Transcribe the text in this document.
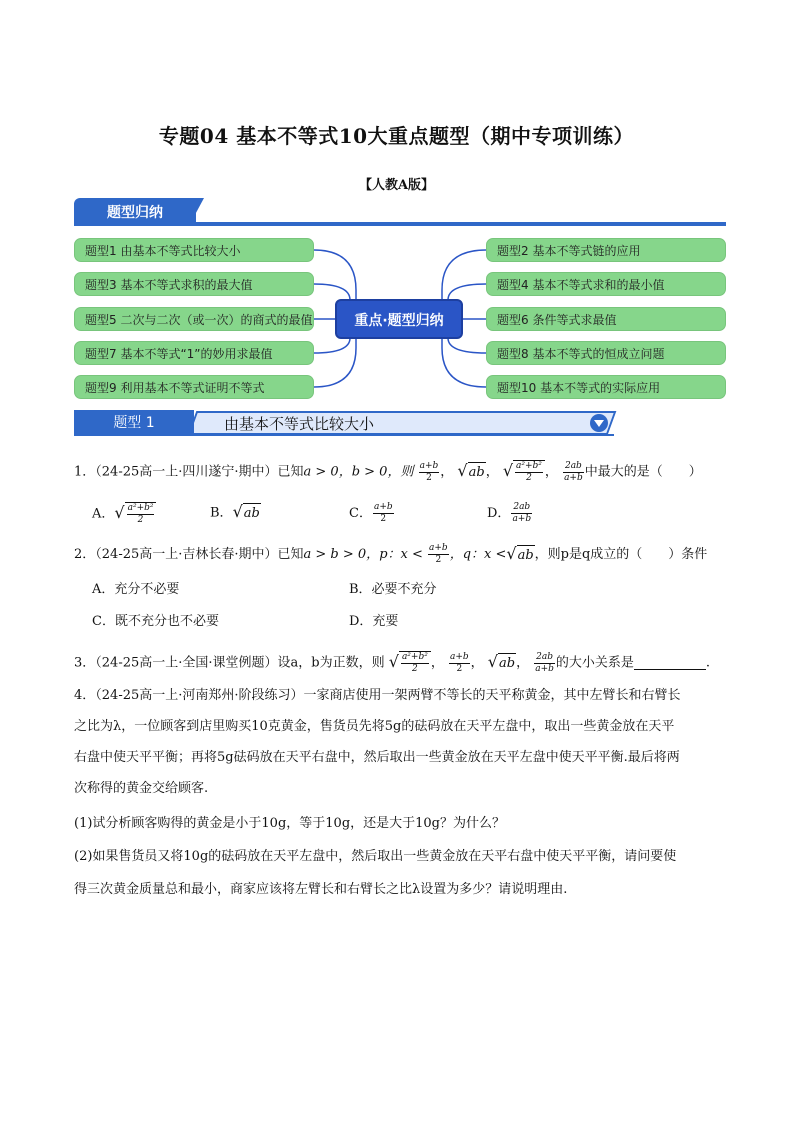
专题04 基本不等式10大重点题型（期中专项训练）
【人教A版】
题型归纳
题型1 由基本不等式比较大小
题型3 基本不等式求积的最大值
题型5 二次与二次（或一次）的商式的最值
题型7 基本不等式“1”的妙用求最值
题型9 利用基本不等式证明不等式
题型2 基本不等式链的应用
题型4 基本不等式求和的最小值
题型6 条件等式求最值
题型8 基本不等式的恒成立问题
题型10 基本不等式的实际应用
重点·题型归纳
题型 1	由基本不等式比较大小
1．（24-25高一上·四川遂宁·期中）已知a > 0，b > 0，则 $\frac{a+b}{2}$ ， √ab， √ $\frac{\text{a²+b²}}{2}$ ， $\frac{2ab}{a+b}$ 中最大的是（　　）
A．√ $\frac{\text{a²+b²}}{2}$	B．√ab	C． $\frac{a+b}{2}$	D． $\frac{2ab}{a+b}$
2．（24-25高一上·吉林长春·期中）已知a > b > 0，p：$x < \frac{a+b}{2}$ ，q：x <√ab，则p是q成立的（　　）条件
A．充分不必要	B．必要不充分
C．既不充分也不必要	D．充要
3．（24-25高一上·全国·课堂例题）设a，b为正数，则 √ $\frac{\text{a²+b²}}{2}$ ， $\frac{a+b}{2}$ ， √ab， $\frac{2ab}{a+b}$ 的大小关系是	.
4．（24-25高一上·河南郑州·阶段练习）一家商店使用一架两臂不等长的天平称黄金，其中左臂长和右臂长
之比为λ，一位顾客到店里购买10克黄金，售货员先将5g的砝码放在天平左盘中，取出一些黄金放在天平
右盘中使天平平衡；再将5g砝码放在天平右盘中，然后取出一些黄金放在天平左盘中使天平平衡.最后将两
次称得的黄金交给顾客.
(1)试分析顾客购得的黄金是小于10g，等于10g，还是大于10g？为什么？
(2)如果售货员又将10g的砝码放在天平左盘中，然后取出一些黄金放在天平右盘中使天平平衡，请问要使
得三次黄金质量总和最小，商家应该将左臂长和右臂长之比λ设置为多少？请说明理由.
